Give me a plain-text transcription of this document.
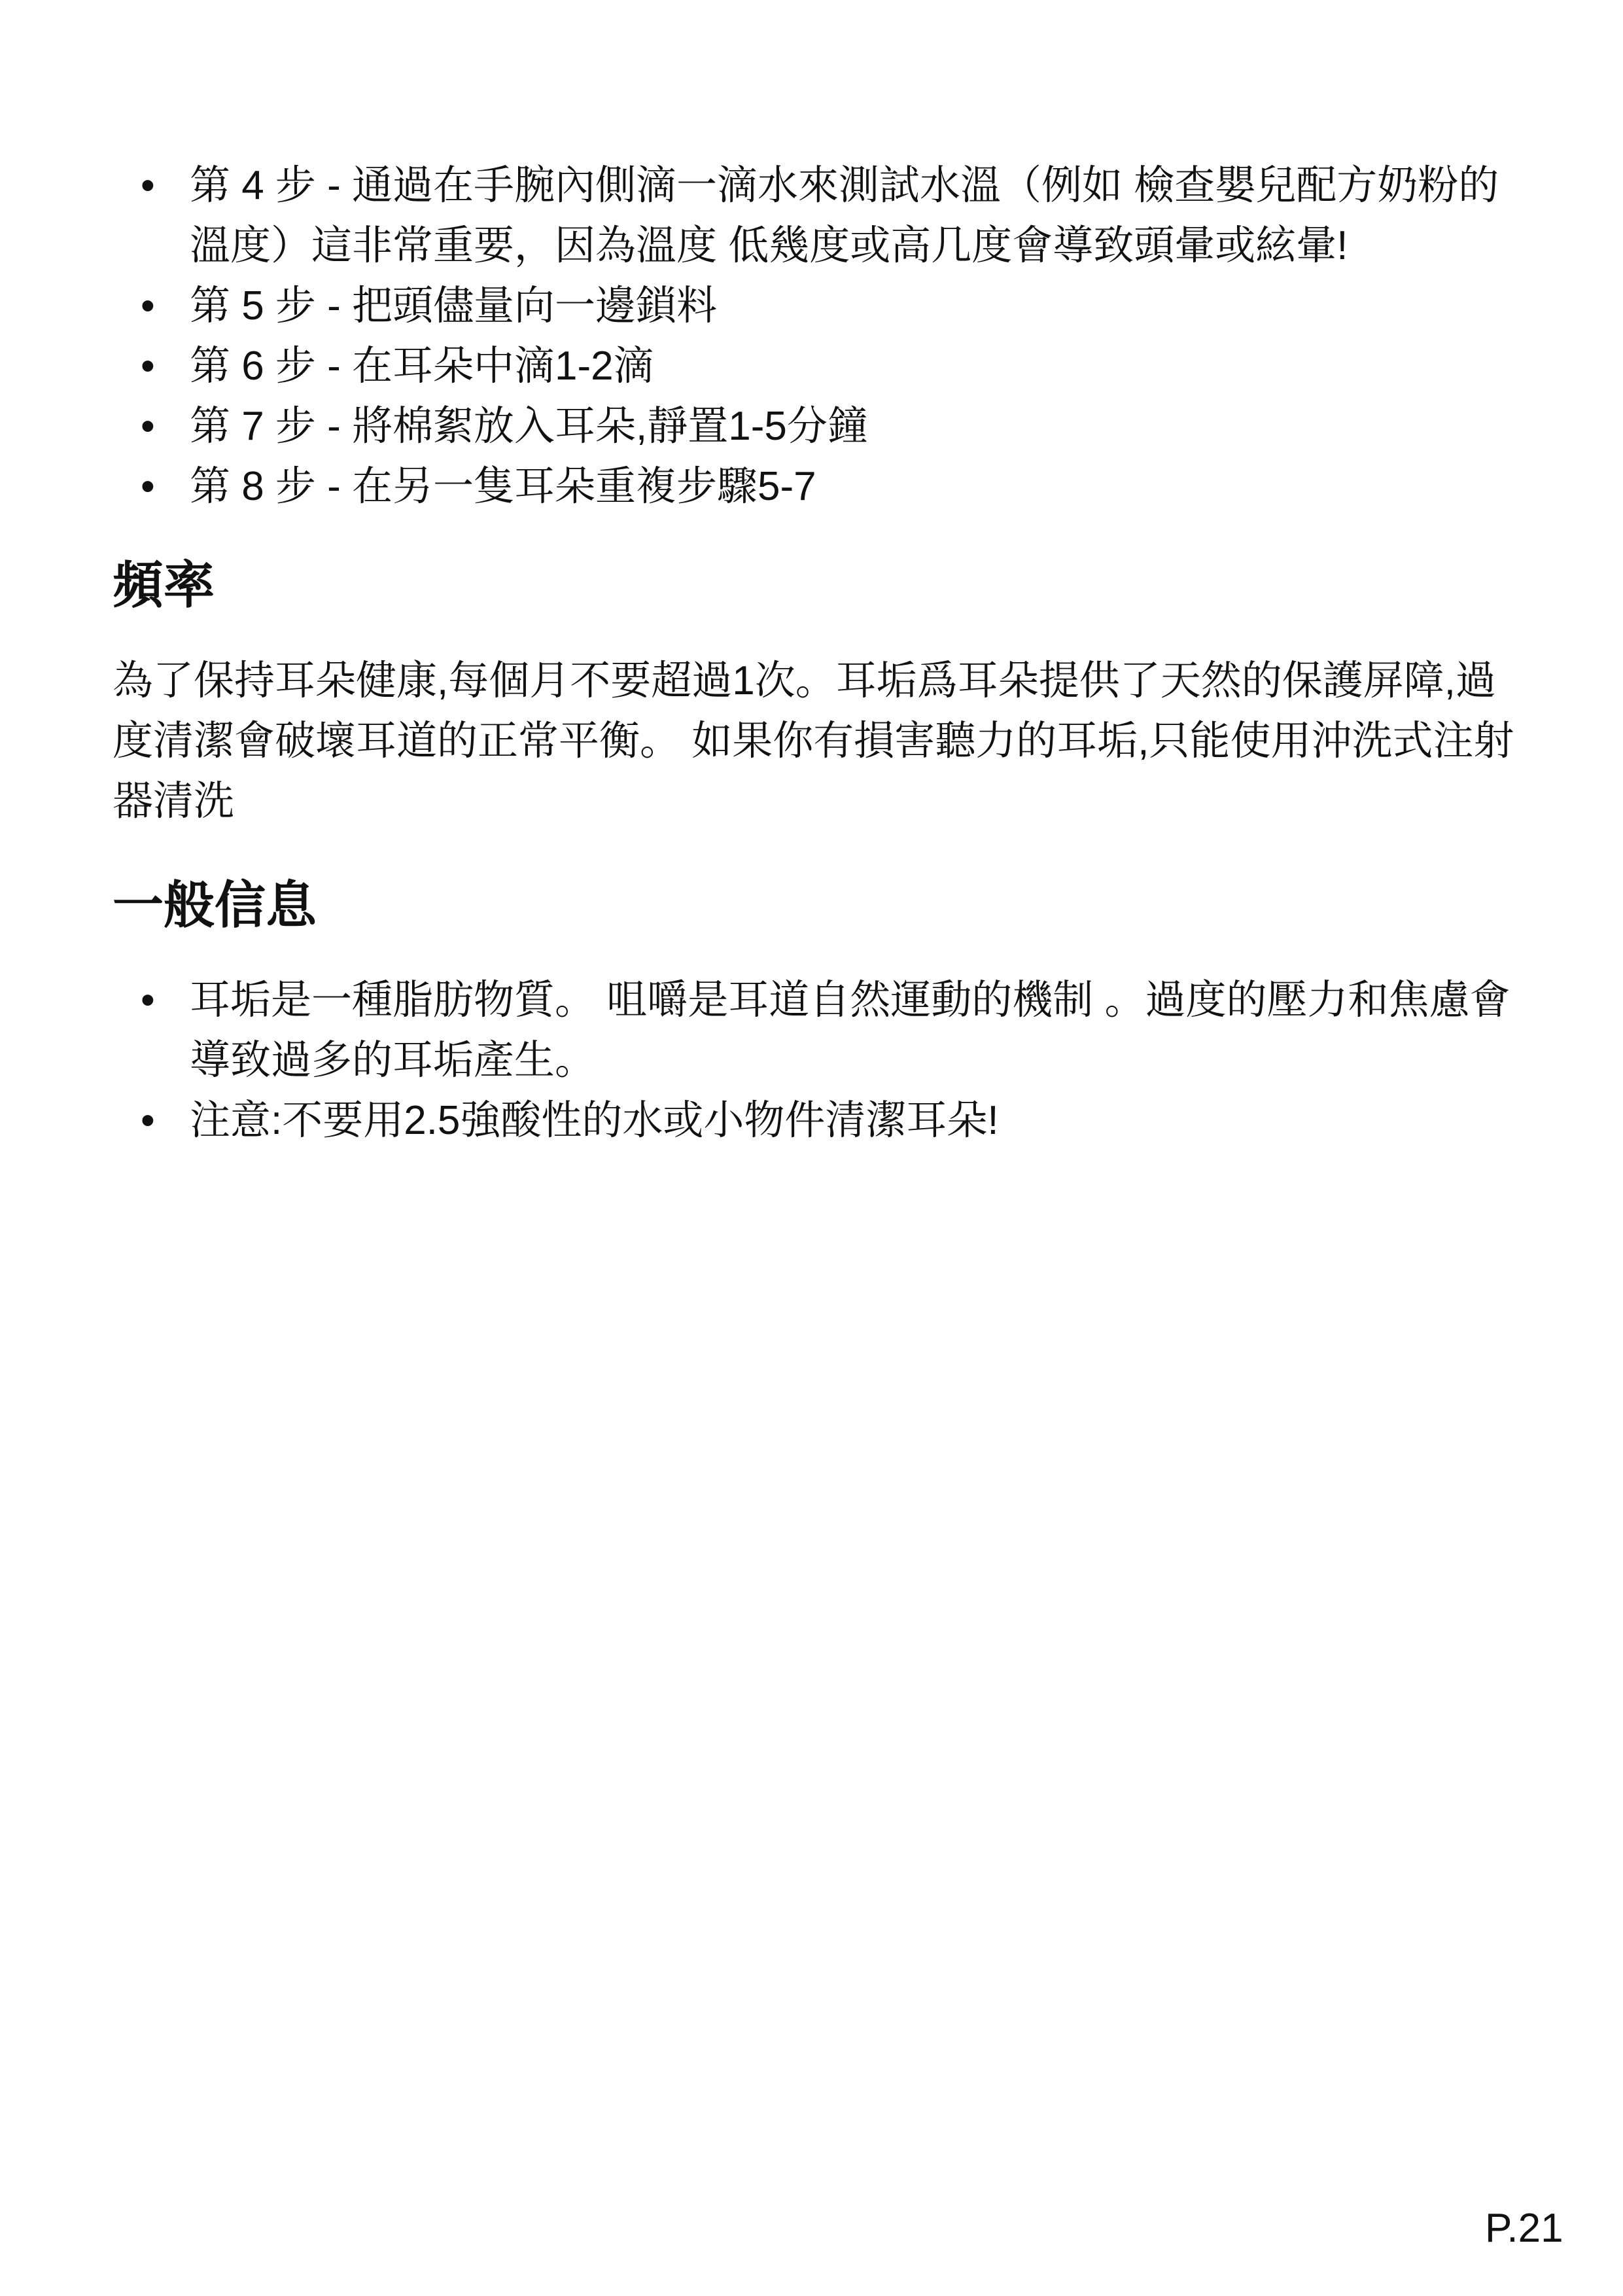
• 第 4 步 - 通過在手腕內側滴一滴水來測試水溫（例如 檢查嬰兒配方奶粉的溫度）這非常重要，因為溫度 低幾度或高几度會導致頭暈或絃暈!
• 第 5 步 - 把頭儘量向一邊鎖料
• 第 6 步 - 在耳朵中滴1-2滴
• 第 7 步 - 將棉絮放入耳朵,靜置1-5分鐘
• 第 8 步 - 在另一隻耳朵重複步驟5-7
頻率

為了保持耳朵健康,每個月不要超過1次。耳垢爲耳朵提供了天然的保護屏障,過度清潔會破壞耳道的正常平衡。 如果你有損害聽力的耳垢,只能使用沖洗式注射器清洗

一般信息
• 耳垢是一種脂肪物質。 咀嚼是耳道自然運動的機制 。過度的壓力和焦慮會導致過多的耳垢產生。
• 注意:不要用2.5強酸性的水或小物件清潔耳朵!
P.21
